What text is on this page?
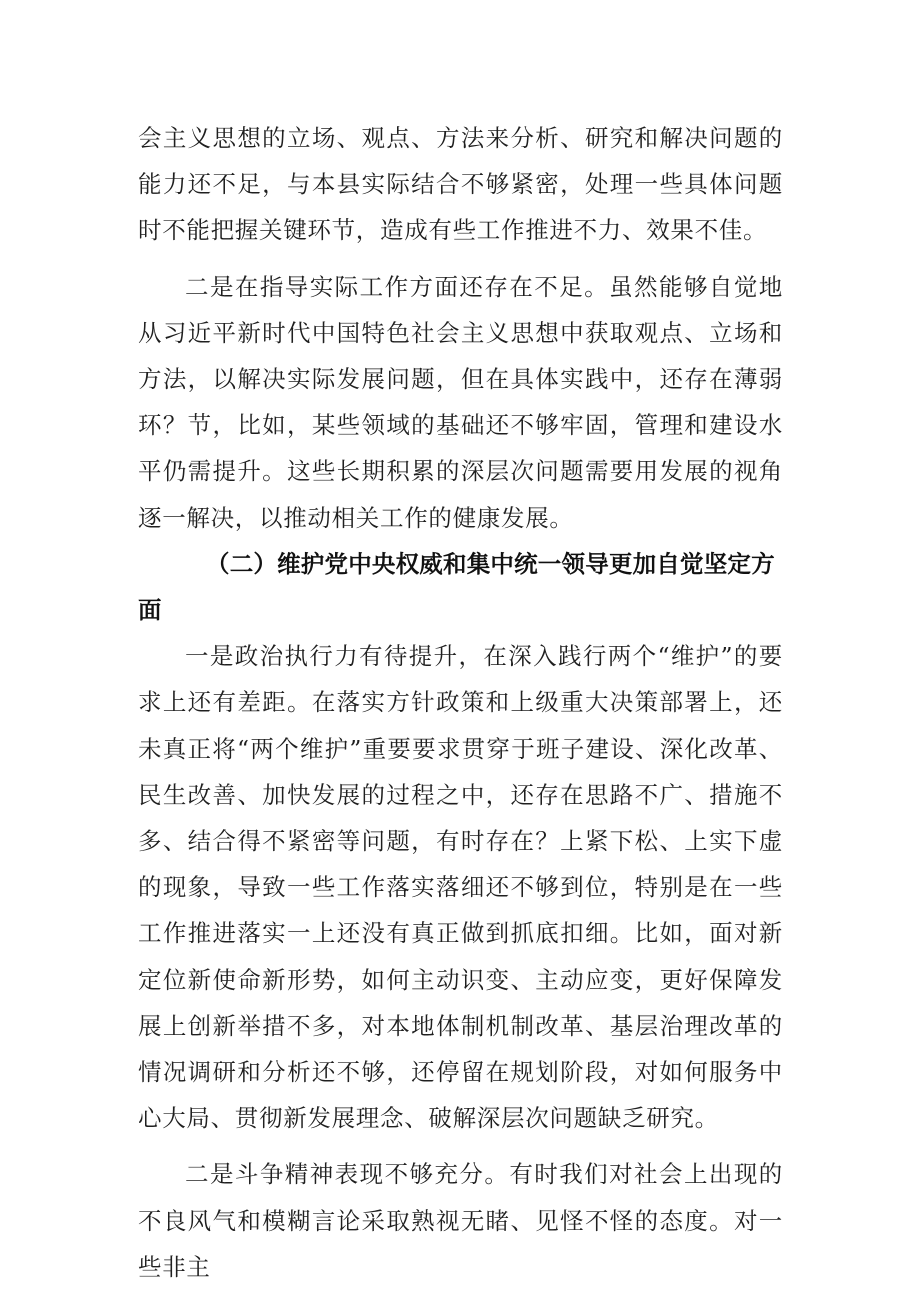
会主义思想的立场、观点、方法来分析、研究和解决问题的能力还不足，与本县实际结合不够紧密，处理一些具体问题时不能把握关键环节，造成有些工作推进不力、效果不佳。

二是在指导实际工作方面还存在不足。虽然能够自觉地从习近平新时代中国特色社会主义思想中获取观点、立场和方法，以解决实际发展问题，但在具体实践中，还存在薄弱环？节，比如，某些领域的基础还不够牢固，管理和建设水平仍需提升。这些长期积累的深层次问题需要用发展的视角逐一解决，以推动相关工作的健康发展。

（二）维护党中央权威和集中统一领导更加自觉坚定方面

一是政治执行力有待提升，在深入践行两个“维护”的要求上还有差距。在落实方针政策和上级重大决策部署上，还未真正将“两个维护”重要要求贯穿于班子建设、深化改革、民生改善、加快发展的过程之中，还存在思路不广、措施不多、结合得不紧密等问题，有时存在？上紧下松、上实下虚的现象，导致一些工作落实落细还不够到位，特别是在一些工作推进落实一上还没有真正做到抓底扣细。比如，面对新定位新使命新形势，如何主动识变、主动应变，更好保障发展上创新举措不多，对本地体制机制改革、基层治理改革的情况调研和分析还不够，还停留在规划阶段，对如何服务中心大局、贯彻新发展理念、破解深层次问题缺乏研究。

二是斗争精神表现不够充分。有时我们对社会上出现的不良风气和模糊言论采取熟视无睹、见怪不怪的态度。对一些非主
